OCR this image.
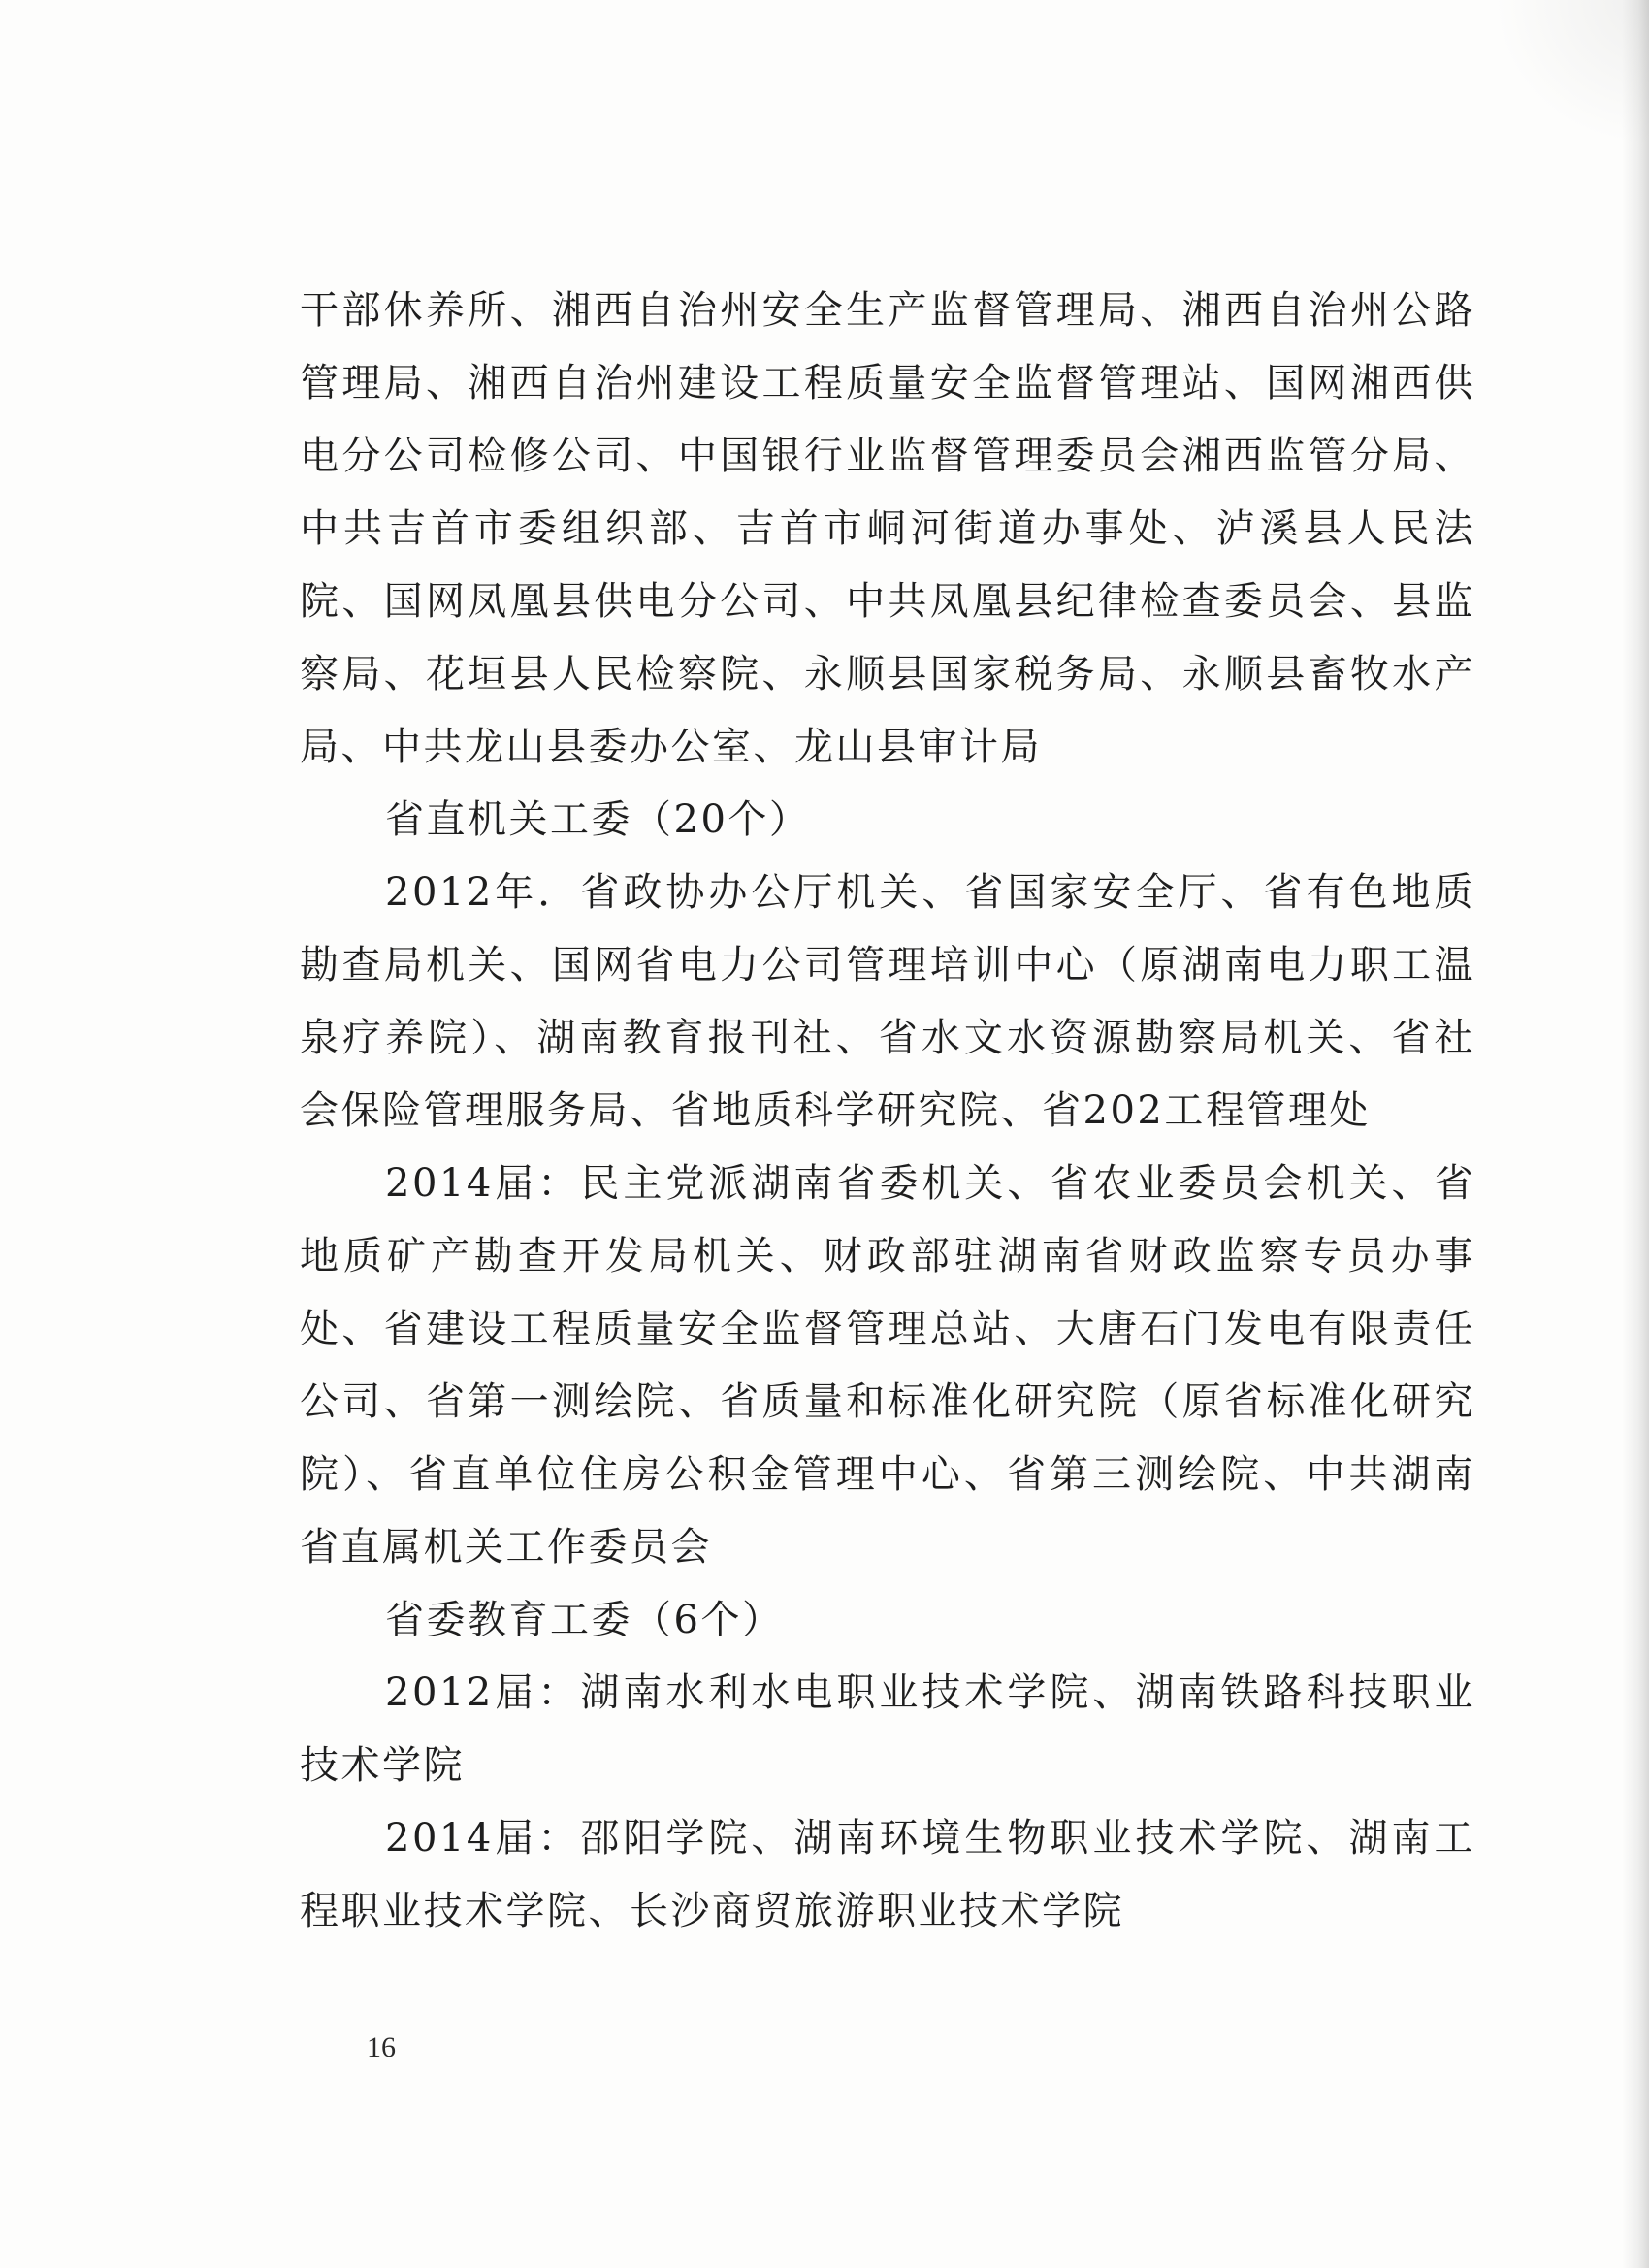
干部休养所、湘西自治州安全生产监督管理局、湘西自治州公路
管理局、湘西自治州建设工程质量安全监督管理站、国网湘西供
电分公司检修公司、中国银行业监督管理委员会湘西监管分局、
中共吉首市委组织部、吉首市峒河街道办事处、泸溪县人民法
院、国网凤凰县供电分公司、中共凤凰县纪律检查委员会、县监
察局、花垣县人民检察院、永顺县国家税务局、永顺县畜牧水产
局、中共龙山县委办公室、龙山县审计局
省直机关工委（20个）
2012年．省政协办公厅机关、省国家安全厅、省有色地质
勘查局机关、国网省电力公司管理培训中心（原湖南电力职工温
泉疗养院）、湖南教育报刊社、省水文水资源勘察局机关、省社
会保险管理服务局、省地质科学研究院、省202工程管理处
2014届：民主党派湖南省委机关、省农业委员会机关、省
地质矿产勘查开发局机关、财政部驻湖南省财政监察专员办事
处、省建设工程质量安全监督管理总站、大唐石门发电有限责任
公司、省第一测绘院、省质量和标准化研究院（原省标准化研究
院）、省直单位住房公积金管理中心、省第三测绘院、中共湖南
省直属机关工作委员会
省委教育工委（6个）
2012届：湖南水利水电职业技术学院、湖南铁路科技职业
技术学院
2014届：邵阳学院、湖南环境生物职业技术学院、湖南工
程职业技术学院、长沙商贸旅游职业技术学院
16
